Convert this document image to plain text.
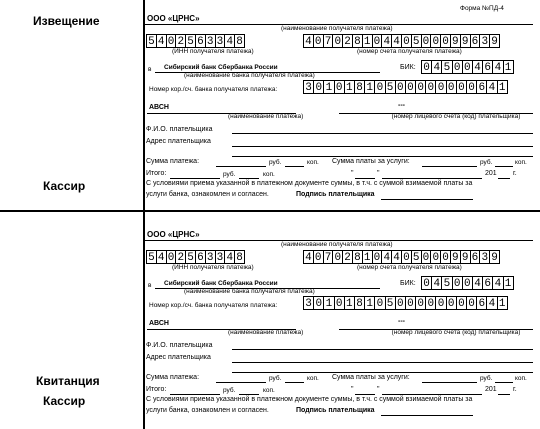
Форма №ПД-4
Извещение
Кассир
ООО «ЦРНС»
(наименование получателя платежа)
5 4 0 2 5 6 3 3 4 8
(ИНН получателя платежа)
4 0 7 0 2 8 1 0 4 4 0 5 0 0 0 9 9 6 3 9
(номер счета получателя платежа)
в Сибирский банк Сбербанка России
(наименование банка получателя платежа)
БИК: 0 4 5 0 0 4 6 4 1
Номер кор./сч. банка получателя платежа:	3 0 1 0 1 8 1 0 5 0 0 0 0 0 0 0 0 6 4 1
АВСН
(наименование платежа)
---
(номер лицевого счета (код) плательщика)
Ф.И.О. плательщика
Адрес плательщика
Сумма платежа:	руб.	коп. Сумма платы за услуги:	руб.	коп.
Итого:	руб.	коп.	"	"	201 г.
С условиями приема указанной в платежном документе суммы, в т.ч. с суммой взимаемой платы за
услуги банка, ознакомлен и согласен.	Подпись плательщика
Квитанция
Кассир
ООО «ЦРНС»
(наименование получателя платежа)
5 4 0 2 5 6 3 3 4 8
(ИНН получателя платежа)
4 0 7 0 2 8 1 0 4 4 0 5 0 0 0 9 9 6 3 9
(номер счета получателя платежа)
в Сибирский банк Сбербанка России
(наименование банка получателя платежа)
БИК: 0 4 5 0 0 4 6 4 1
Номер кор./сч. банка получателя платежа:	3 0 1 0 1 8 1 0 5 0 0 0 0 0 0 0 0 6 4 1
АВСН
(наименование платежа)
---
(номер лицевого счета (код) плательщика)
Ф.И.О. плательщика
Адрес плательщика
Сумма платежа:	руб.	коп. Сумма платы за услуги:	руб.	коп.
Итого:	руб.	коп.	"	"	201 г.
С условиями приема указанной в платежном документе суммы, в т.ч. с суммой взимаемой платы за
услуги банка, ознакомлен и согласен.	Подпись плательщика
